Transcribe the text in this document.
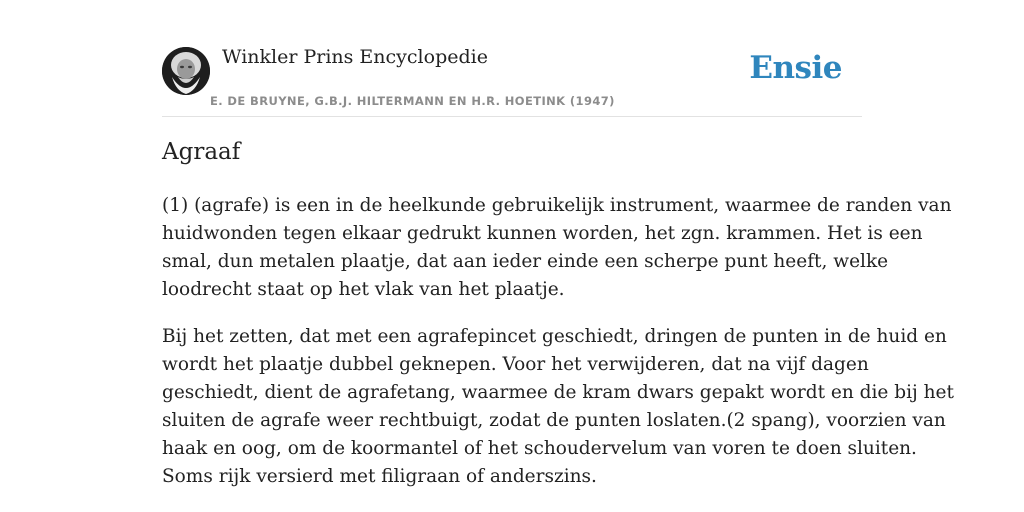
Winkler Prins Encyclopedie
E. DE BRUYNE, G.B.J. HILTERMANN EN H.R. HOETINK (1947)
Ensie
Agraaf

(1) (agrafe) is een in de heelkunde gebruikelijk instrument, waarmee de randen van
huidwonden tegen elkaar gedrukt kunnen worden, het zgn. krammen. Het is een
smal, dun metalen plaatje, dat aan ieder einde een scherpe punt heeft, welke
loodrecht staat op het vlak van het plaatje.

Bij het zetten, dat met een agrafepincet geschiedt, dringen de punten in de huid en
wordt het plaatje dubbel geknepen. Voor het verwijderen, dat na vijf dagen
geschiedt, dient de agrafetang, waarmee de kram dwars gepakt wordt en die bij het
sluiten de agrafe weer rechtbuigt, zodat de punten loslaten.(2 spang), voorzien van
haak en oog, om de koormantel of het schoudervelum van voren te doen sluiten.
Soms rijk versierd met filigraan of anderszins.
